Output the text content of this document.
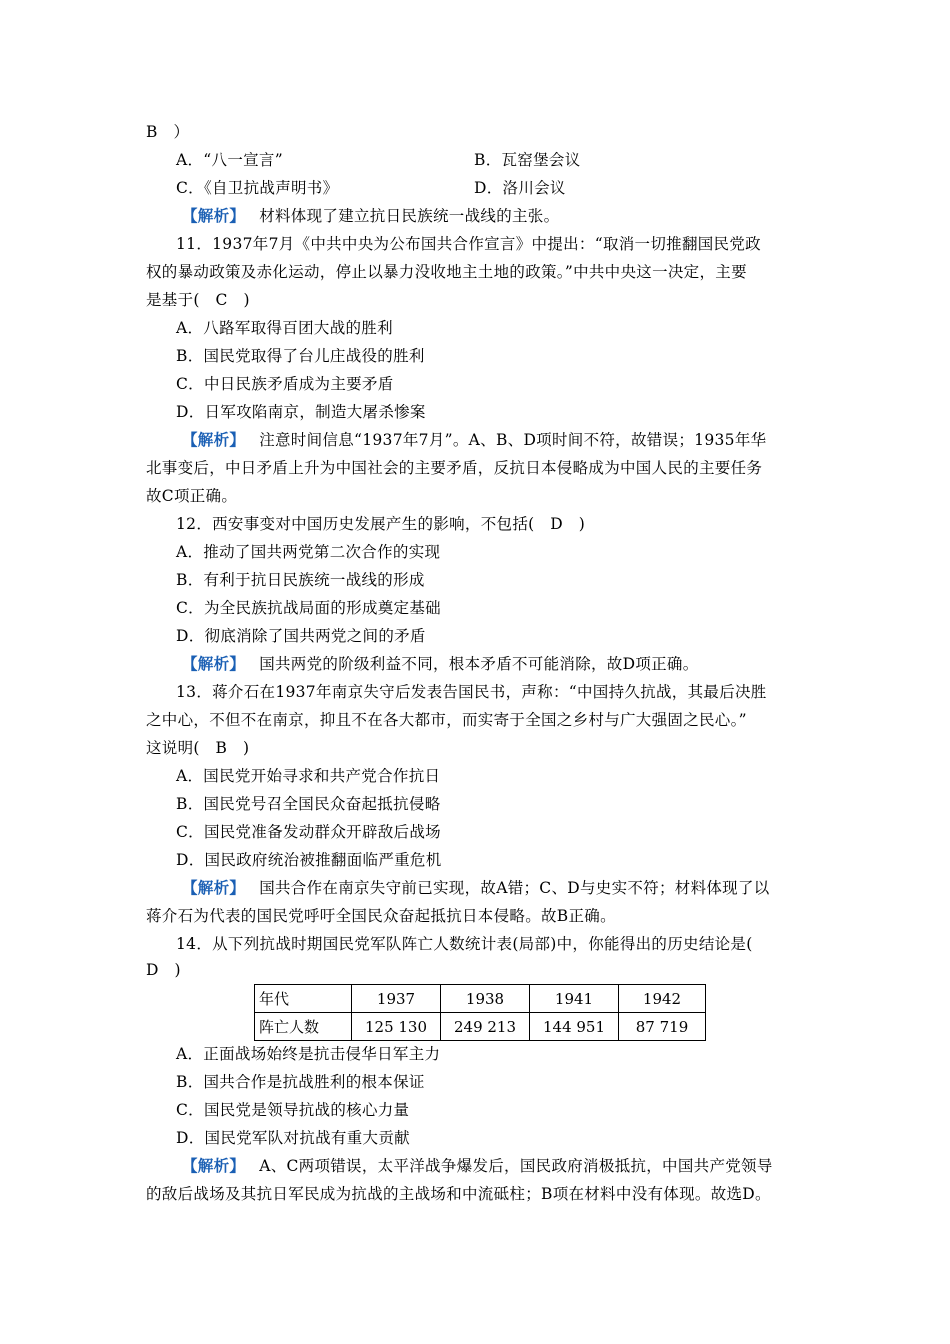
B　）
A．“八一宣言”	B．瓦窑堡会议
C．《自卫抗战声明书》	D．洛川会议
【解析】 材料体现了建立抗日民族统一战线的主张。
11．1937年7月《中共中央为公布国共合作宣言》中提出：“取消一切推翻国民党政
权的暴动政策及赤化运动，停止以暴力没收地主土地的政策。”中共中央这一决定，主要
是基于(　C　)
A．八路军取得百团大战的胜利
B．国民党取得了台儿庄战役的胜利
C．中日民族矛盾成为主要矛盾
D．日军攻陷南京，制造大屠杀惨案
【解析】 注意时间信息“1937年7月”。A、B、D项时间不符，故错误；1935年华
北事变后，中日矛盾上升为中国社会的主要矛盾，反抗日本侵略成为中国人民的主要任务
故C项正确。
12．西安事变对中国历史发展产生的影响，不包括(　D　)
A．推动了国共两党第二次合作的实现
B．有利于抗日民族统一战线的形成
C．为全民族抗战局面的形成奠定基础
D．彻底消除了国共两党之间的矛盾
【解析】 国共两党的阶级利益不同，根本矛盾不可能消除，故D项正确。
13．蒋介石在1937年南京失守后发表告国民书，声称：“中国持久抗战，其最后决胜
之中心，不但不在南京，抑且不在各大都市，而实寄于全国之乡村与广大强固之民心。”
这说明(　B　)
A．国民党开始寻求和共产党合作抗日
B．国民党号召全国民众奋起抵抗侵略
C．国民党准备发动群众开辟敌后战场
D．国民政府统治被推翻面临严重危机
【解析】 国共合作在南京失守前已实现，故A错；C、D与史实不符；材料体现了以
蒋介石为代表的国民党呼吁全国民众奋起抵抗日本侵略。故B正确。
14．从下列抗战时期国民党军队阵亡人数统计表(局部)中，你能得出的历史结论是(
D　)
年代	1937	1938	1941	1942
阵亡人数	125 130	249 213	144 951	87 719
A．正面战场始终是抗击侵华日军主力
B．国共合作是抗战胜利的根本保证
C．国民党是领导抗战的核心力量
D．国民党军队对抗战有重大贡献
【解析】 A、C两项错误，太平洋战争爆发后，国民政府消极抵抗，中国共产党领导
的敌后战场及其抗日军民成为抗战的主战场和中流砥柱；B项在材料中没有体现。故选D。
